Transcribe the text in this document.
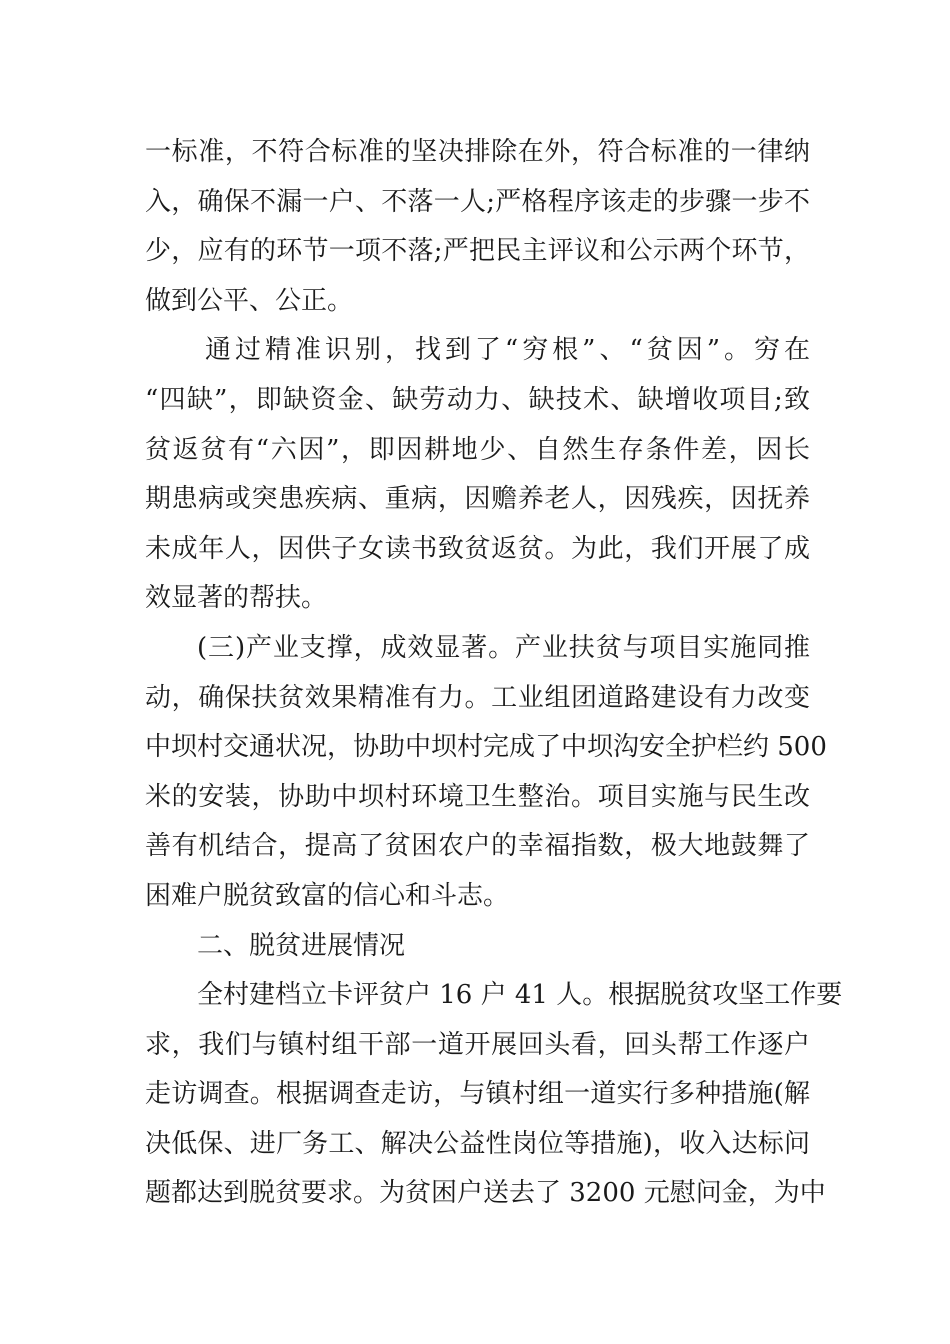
一标准，不符合标准的坚决排除在外，符合标准的一律纳
入，确保不漏一户、不落一人;严格程序该走的步骤一步不
少，应有的环节一项不落;严把民主评议和公示两个环节，
做到公平、公正。
通过精准识别，找到了“穷根”、“贫因”。穷在
“四缺”，即缺资金、缺劳动力、缺技术、缺增收项目;致
贫返贫有“六因”，即因耕地少、自然生存条件差，因长
期患病或突患疾病、重病，因赡养老人，因残疾，因抚养
未成年人，因供子女读书致贫返贫。为此，我们开展了成
效显著的帮扶。
(三)产业支撑，成效显著。产业扶贫与项目实施同推
动，确保扶贫效果精准有力。工业组团道路建设有力改变
中坝村交通状况，协助中坝村完成了中坝沟安全护栏约 500
米的安装，协助中坝村环境卫生整治。项目实施与民生改
善有机结合，提高了贫困农户的幸福指数，极大地鼓舞了
困难户脱贫致富的信心和斗志。
二、脱贫进展情况
全村建档立卡评贫户 16 户 41 人。根据脱贫攻坚工作要
求，我们与镇村组干部一道开展回头看，回头帮工作逐户
走访调查。根据调查走访，与镇村组一道实行多种措施(解
决低保、进厂务工、解决公益性岗位等措施)，收入达标问
题都达到脱贫要求。为贫困户送去了 3200 元慰问金，为中
